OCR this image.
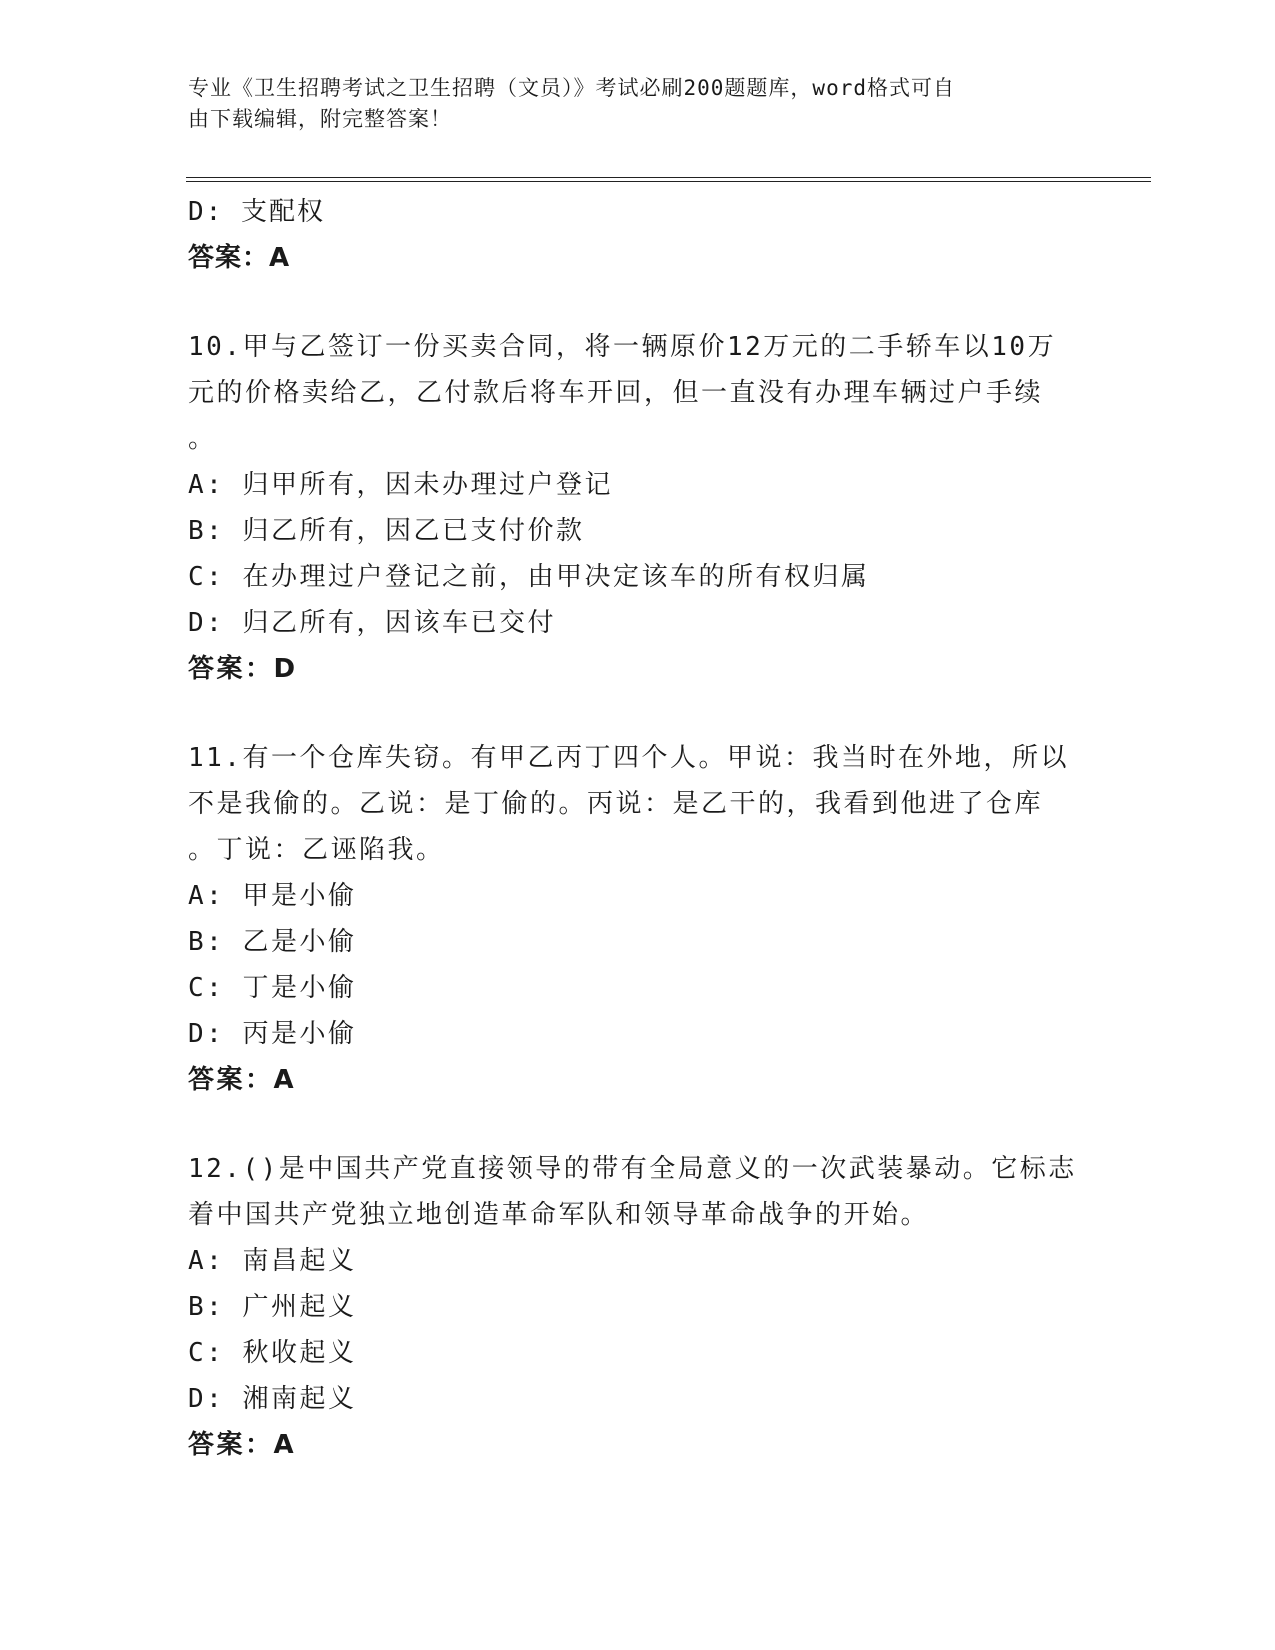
专业《卫生招聘考试之卫生招聘（文员）》考试必刷200题题库，word格式可自
由下载编辑，附完整答案！
D: 支配权
答案：A
10.甲与乙签订一份买卖合同，将一辆原价12万元的二手轿车以10万
元的价格卖给乙，乙付款后将车开回，但一直没有办理车辆过户手续
。
A: 归甲所有，因未办理过户登记
B: 归乙所有，因乙已支付价款
C: 在办理过户登记之前，由甲决定该车的所有权归属
D: 归乙所有，因该车已交付
答案：D
11.有一个仓库失窃。有甲乙丙丁四个人。甲说：我当时在外地，所以
不是我偷的。乙说：是丁偷的。丙说：是乙干的，我看到他进了仓库
。丁说：乙诬陷我。
A: 甲是小偷
B: 乙是小偷
C: 丁是小偷
D: 丙是小偷
答案：A
12.()是中国共产党直接领导的带有全局意义的一次武装暴动。它标志
着中国共产党独立地创造革命军队和领导革命战争的开始。
A: 南昌起义
B: 广州起义
C: 秋收起义
D: 湘南起义
答案：A
